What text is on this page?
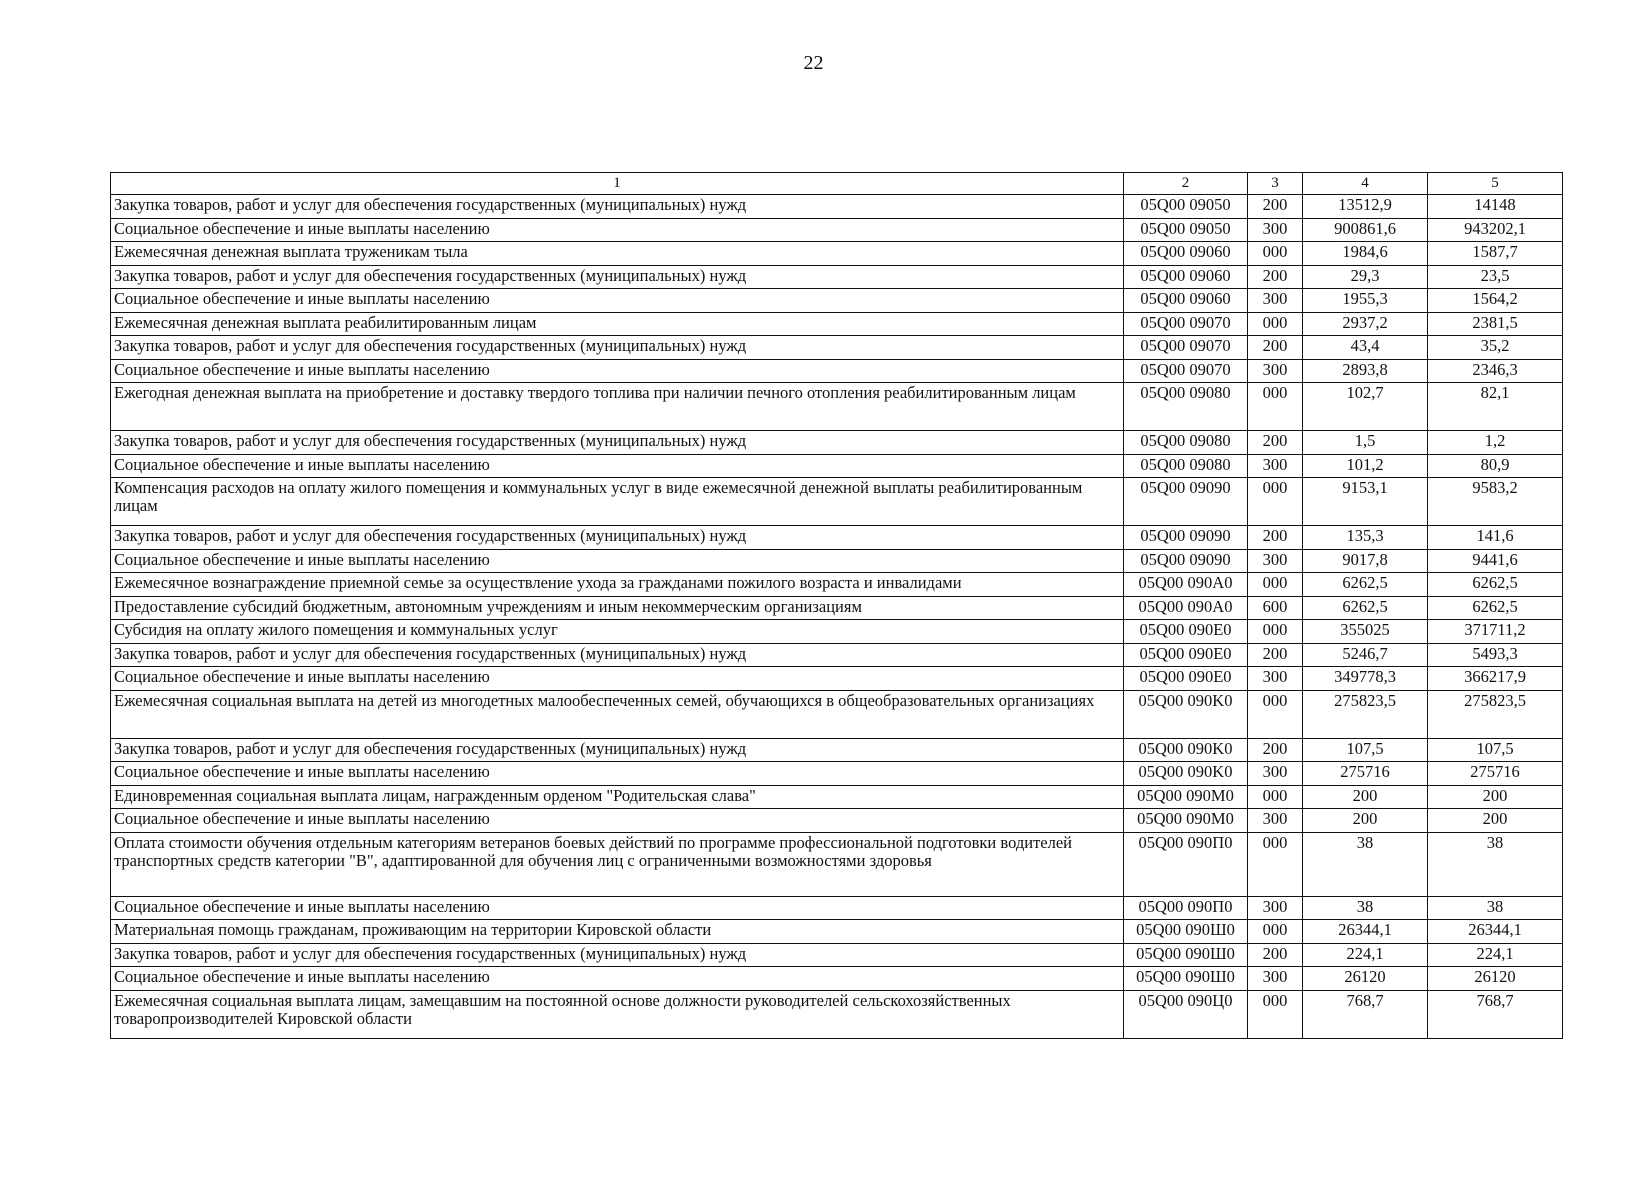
22
1	2	3	4	5
Закупка товаров, работ и услуг для обеспечения государственных (муниципальных) нужд	05Q00 09050	200	13512,9	14148
Социальное обеспечение и иные выплаты населению	05Q00 09050	300	900861,6	943202,1
Ежемесячная денежная выплата труженикам тыла	05Q00 09060	000	1984,6	1587,7
Закупка товаров, работ и услуг для обеспечения государственных (муниципальных) нужд	05Q00 09060	200	29,3	23,5
Социальное обеспечение и иные выплаты населению	05Q00 09060	300	1955,3	1564,2
Ежемесячная денежная выплата реабилитированным лицам	05Q00 09070	000	2937,2	2381,5
Закупка товаров, работ и услуг для обеспечения государственных (муниципальных) нужд	05Q00 09070	200	43,4	35,2
Социальное обеспечение и иные выплаты населению	05Q00 09070	300	2893,8	2346,3
Ежегодная денежная выплата на приобретение и доставку твердого топлива при наличии печного отопления реабилитированным лицам	05Q00 09080	000	102,7	82,1
Закупка товаров, работ и услуг для обеспечения государственных (муниципальных) нужд	05Q00 09080	200	1,5	1,2
Социальное обеспечение и иные выплаты населению	05Q00 09080	300	101,2	80,9
Компенсация расходов на оплату жилого помещения и коммунальных услуг в виде ежемесячной денежной выплаты реабилитированным лицам	05Q00 09090	000	9153,1	9583,2
Закупка товаров, работ и услуг для обеспечения государственных (муниципальных) нужд	05Q00 09090	200	135,3	141,6
Социальное обеспечение и иные выплаты населению	05Q00 09090	300	9017,8	9441,6
Ежемесячное вознаграждение приемной семье за осуществление ухода за гражданами пожилого возраста и инвалидами	05Q00 090A0	000	6262,5	6262,5
Предоставление субсидий бюджетным, автономным учреждениям и иным некоммерческим организациям	05Q00 090A0	600	6262,5	6262,5
Субсидия на оплату жилого помещения и коммунальных услуг	05Q00 090E0	000	355025	371711,2
Закупка товаров, работ и услуг для обеспечения государственных (муниципальных) нужд	05Q00 090E0	200	5246,7	5493,3
Социальное обеспечение и иные выплаты населению	05Q00 090E0	300	349778,3	366217,9
Ежемесячная социальная выплата на детей из многодетных малообеспеченных семей, обучающихся в общеобразовательных организациях	05Q00 090K0	000	275823,5	275823,5
Закупка товаров, работ и услуг для обеспечения государственных (муниципальных) нужд	05Q00 090K0	200	107,5	107,5
Социальное обеспечение и иные выплаты населению	05Q00 090K0	300	275716	275716
Единовременная социальная выплата лицам, награжденным орденом "Родительская слава"	05Q00 090M0	000	200	200
Социальное обеспечение и иные выплаты населению	05Q00 090M0	300	200	200
Оплата стоимости обучения отдельным категориям ветеранов боевых действий по программе профессиональной подготовки водителей транспортных средств категории "B", адаптированной для обучения лиц с ограниченными возможностями здоровья	05Q00 090П0	000	38	38
Социальное обеспечение и иные выплаты населению	05Q00 090П0	300	38	38
Материальная помощь гражданам, проживающим на территории Кировской области	05Q00 090Ш0	000	26344,1	26344,1
Закупка товаров, работ и услуг для обеспечения государственных (муниципальных) нужд	05Q00 090Ш0	200	224,1	224,1
Социальное обеспечение и иные выплаты населению	05Q00 090Ш0	300	26120	26120
Ежемесячная социальная выплата лицам, замещавшим на постоянной основе должности руководителей сельскохозяйственных товаропроизводителей Кировской области	05Q00 090Ц0	000	768,7	768,7
